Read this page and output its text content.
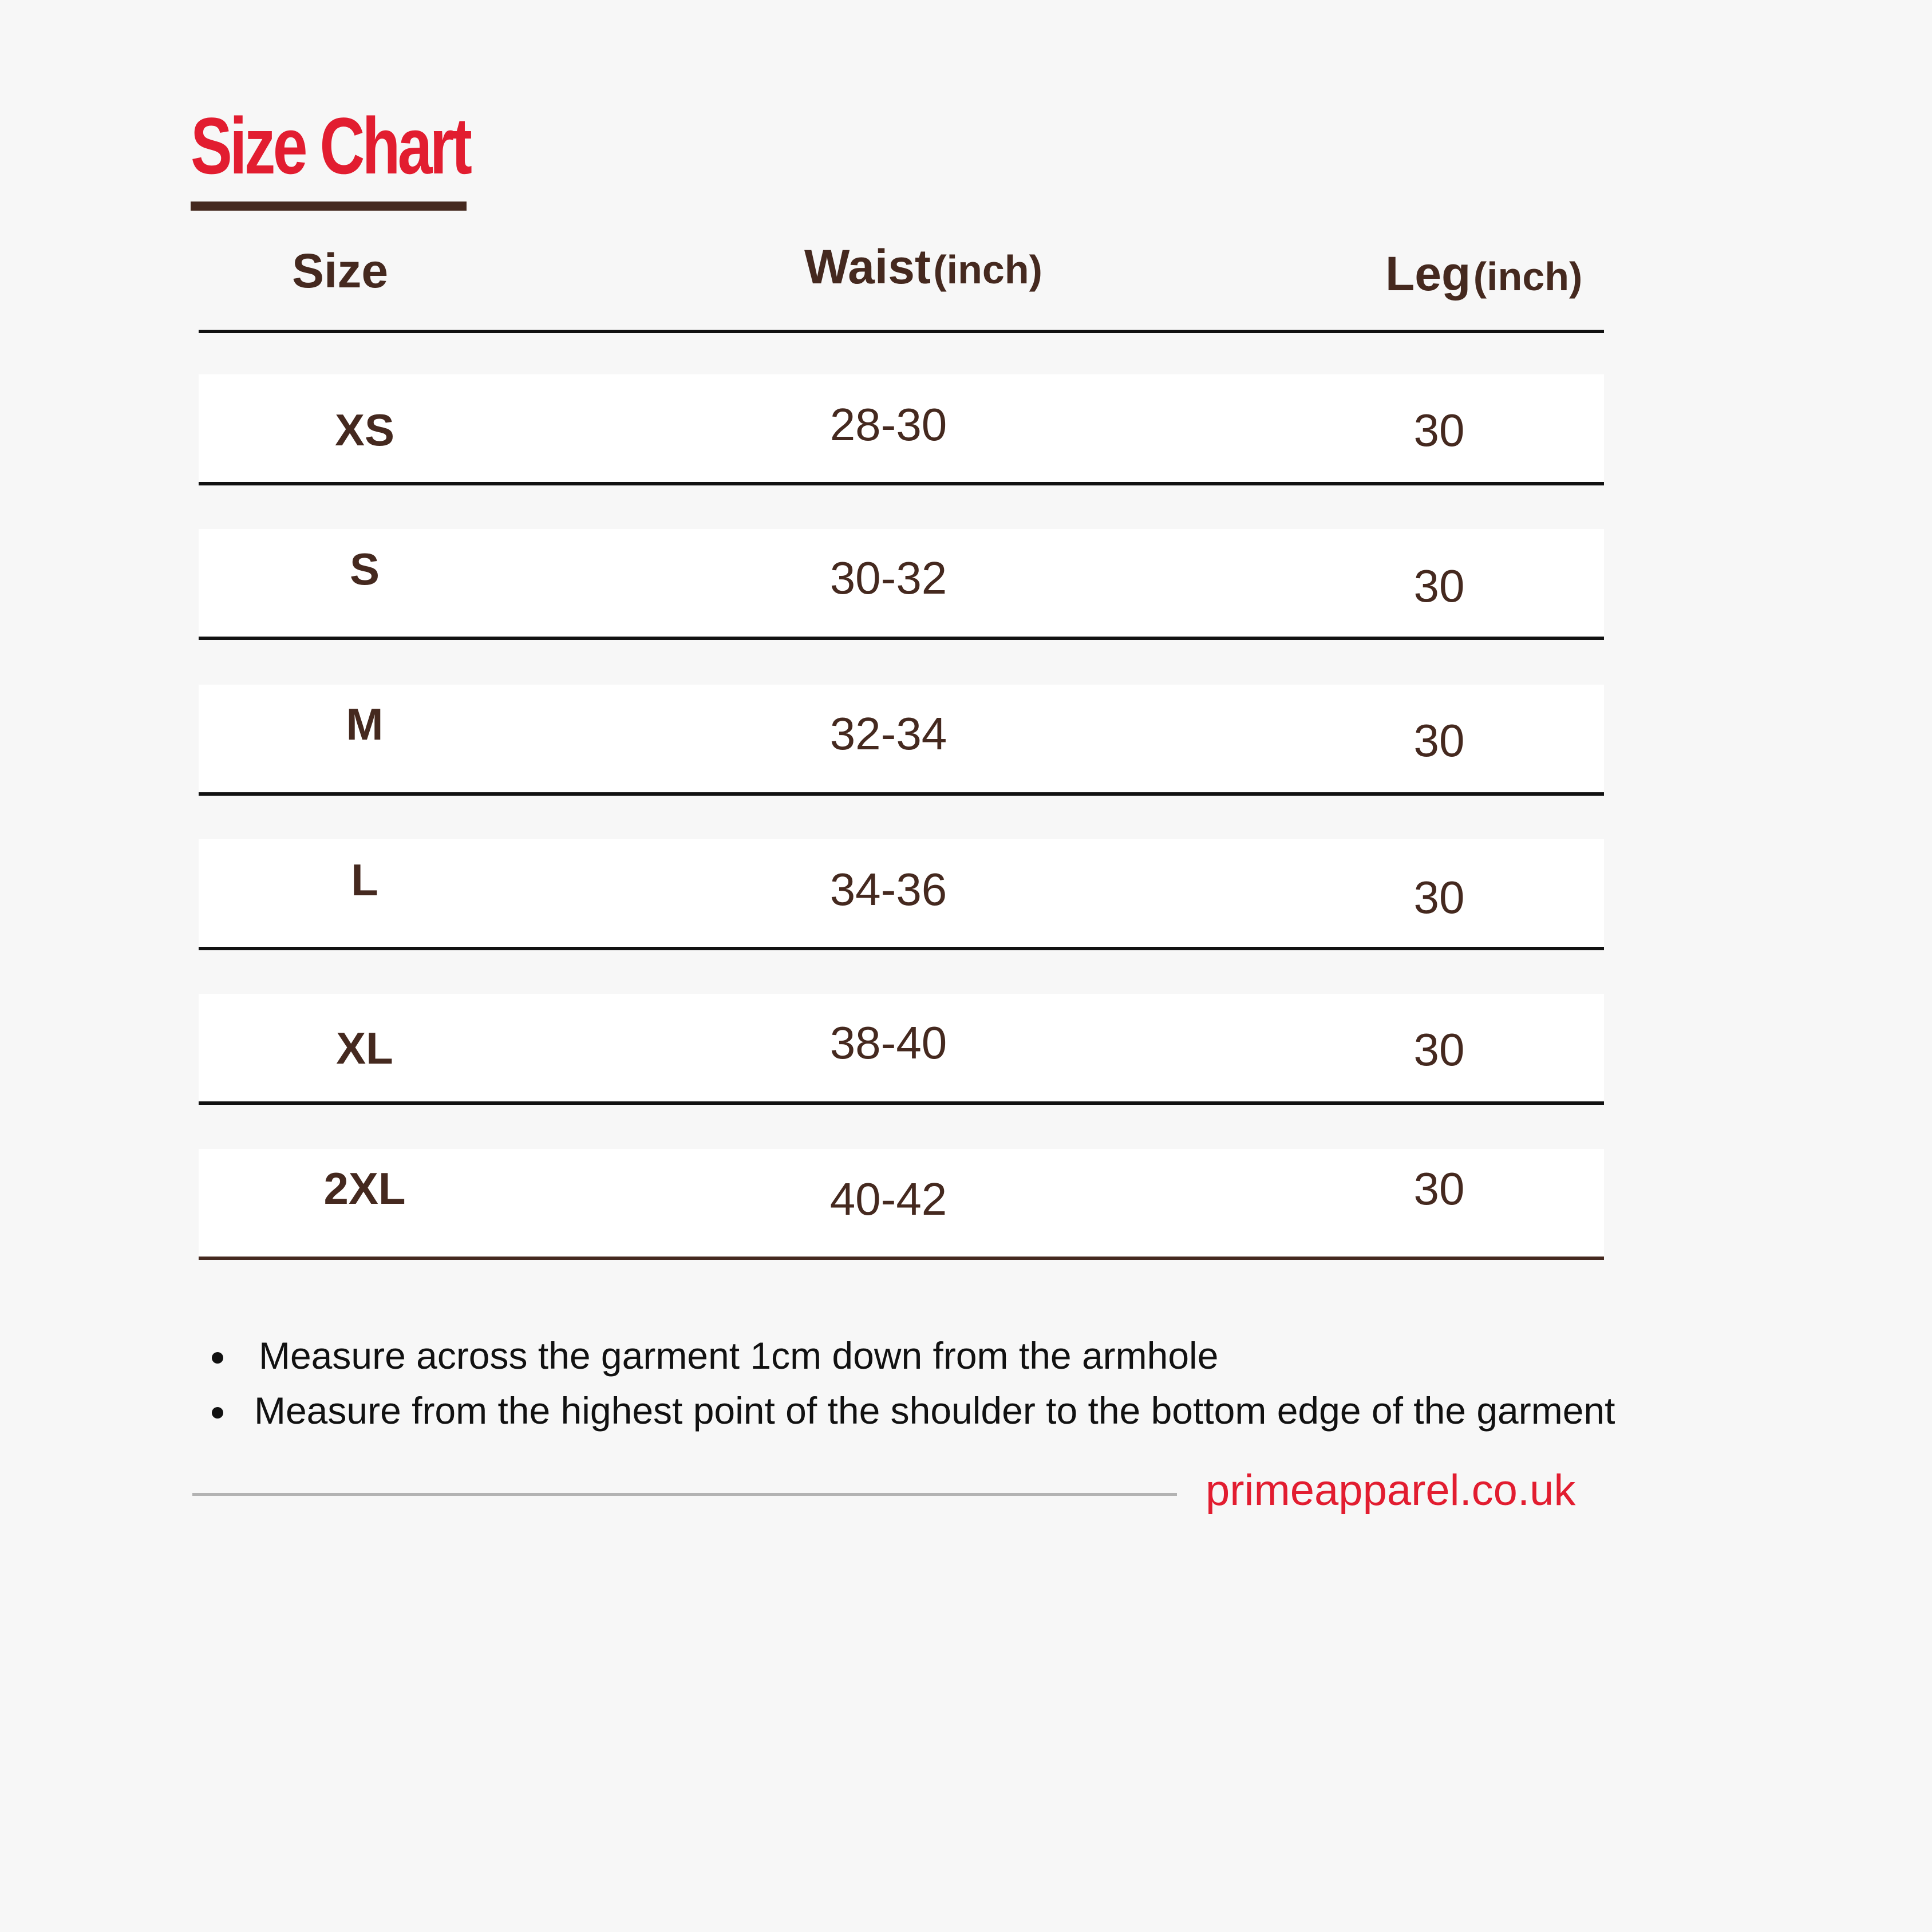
Size Chart
Size	Waist (inch)	Leg (inch)
XS	28-30	30
S	30-32	30
M	32-34	30
L	34-36	30
XL	38-40	30
2XL	40-42	30
Measure across the garment 1cm down from the armhole
Measure from the highest point of the shoulder to the bottom edge of the garment
primeapparel.co.uk
